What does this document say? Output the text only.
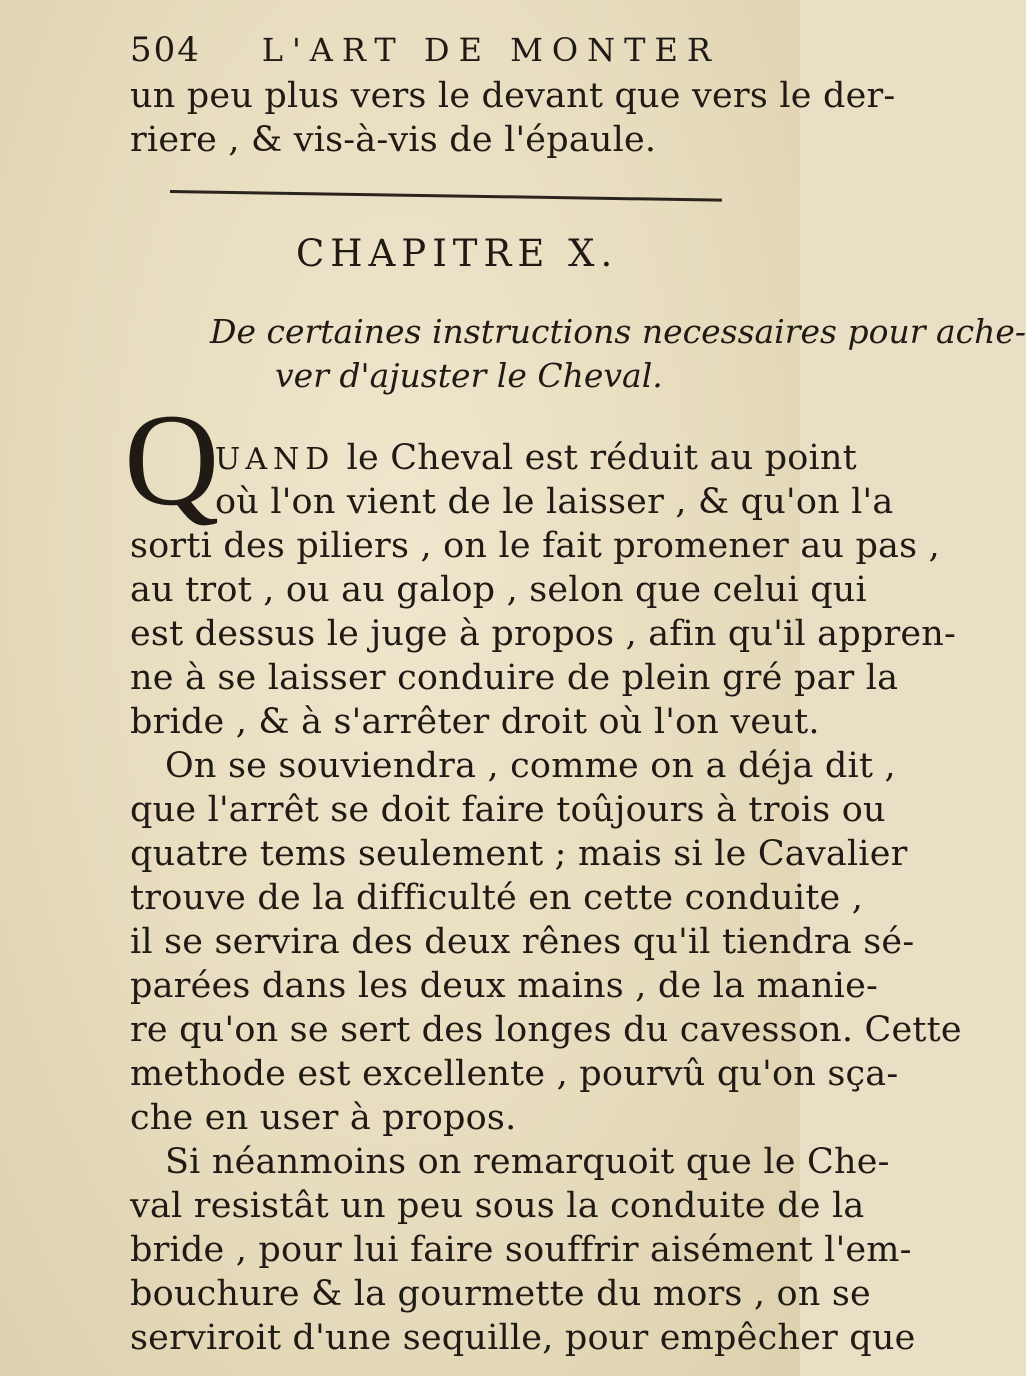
504 L'ART DE MONTER
un peu plus vers le devant que vers le der-
riere , & vis-à-vis de l'épaule.
CHAPITRE X.
De certaines instructions necessaires pour ache-
ver d'ajuster le Cheval.
Q
UAND le Cheval est réduit au point
où l'on vient de le laisser , & qu'on l'a
sorti des piliers , on le fait promener au pas ,
au trot , ou au galop , selon que celui qui
est dessus le juge à propos , afin qu'il appren-
ne à se laisser conduire de plein gré par la
bride , & à s'arrêter droit où l'on veut.
On se souviendra , comme on a déja dit ,
que l'arrêt se doit faire toûjours à trois ou
quatre tems seulement ; mais si le Cavalier
trouve de la difficulté en cette conduite ,
il se servira des deux rênes qu'il tiendra sé-
parées dans les deux mains , de la manie-
re qu'on se sert des longes du cavesson. Cette
methode est excellente , pourvû qu'on sça-
che en user à propos.
Si néanmoins on remarquoit que le Che-
val resistât un peu sous la conduite de la
bride , pour lui faire souffrir aisément l'em-
bouchure & la gourmette du mors , on se
serviroit d'une sequille, pour empêcher que
